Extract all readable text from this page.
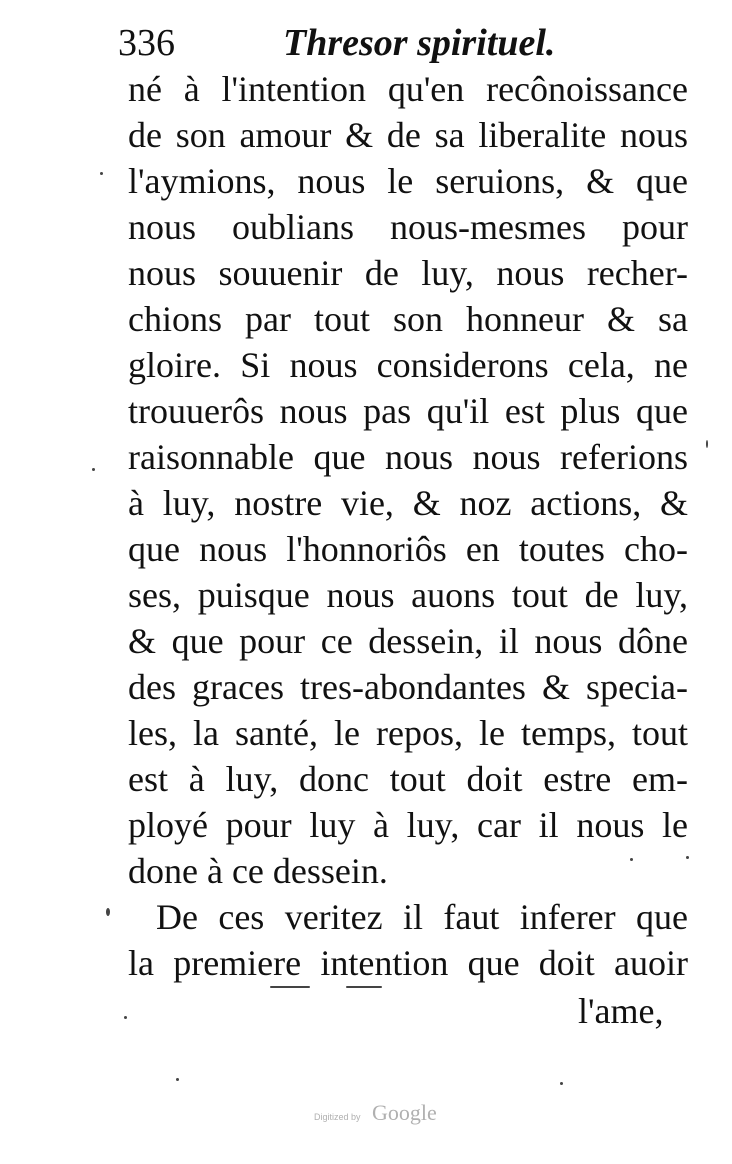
336	Thresor spirituel.
né à l'intention qu'en recônoissance
de son amour & de sa liberalite nous
l'aymions, nous le seruions, & que
nous oublians nous-mesmes pour
nous souuenir de luy, nous recher-
chions par tout son honneur & sa
gloire. Si nous considerons cela, ne
trouuerôs nous pas qu'il est plus que
raisonnable que nous nous referions
à luy, nostre vie, & noz actions, &
que nous l'honnoriôs en toutes cho-
ses, puisque nous auons tout de luy,
& que pour ce dessein, il nous dône
des graces tres-abondantes & specia-
les, la santé, le repos, le temps, tout
est à luy, donc tout doit estre em-
ployé pour luy à luy, car il nous le
done à ce dessein.
De ces veritez il faut inferer que
la premiere intention que doit auoir
l'ame,
Digitized by Google
